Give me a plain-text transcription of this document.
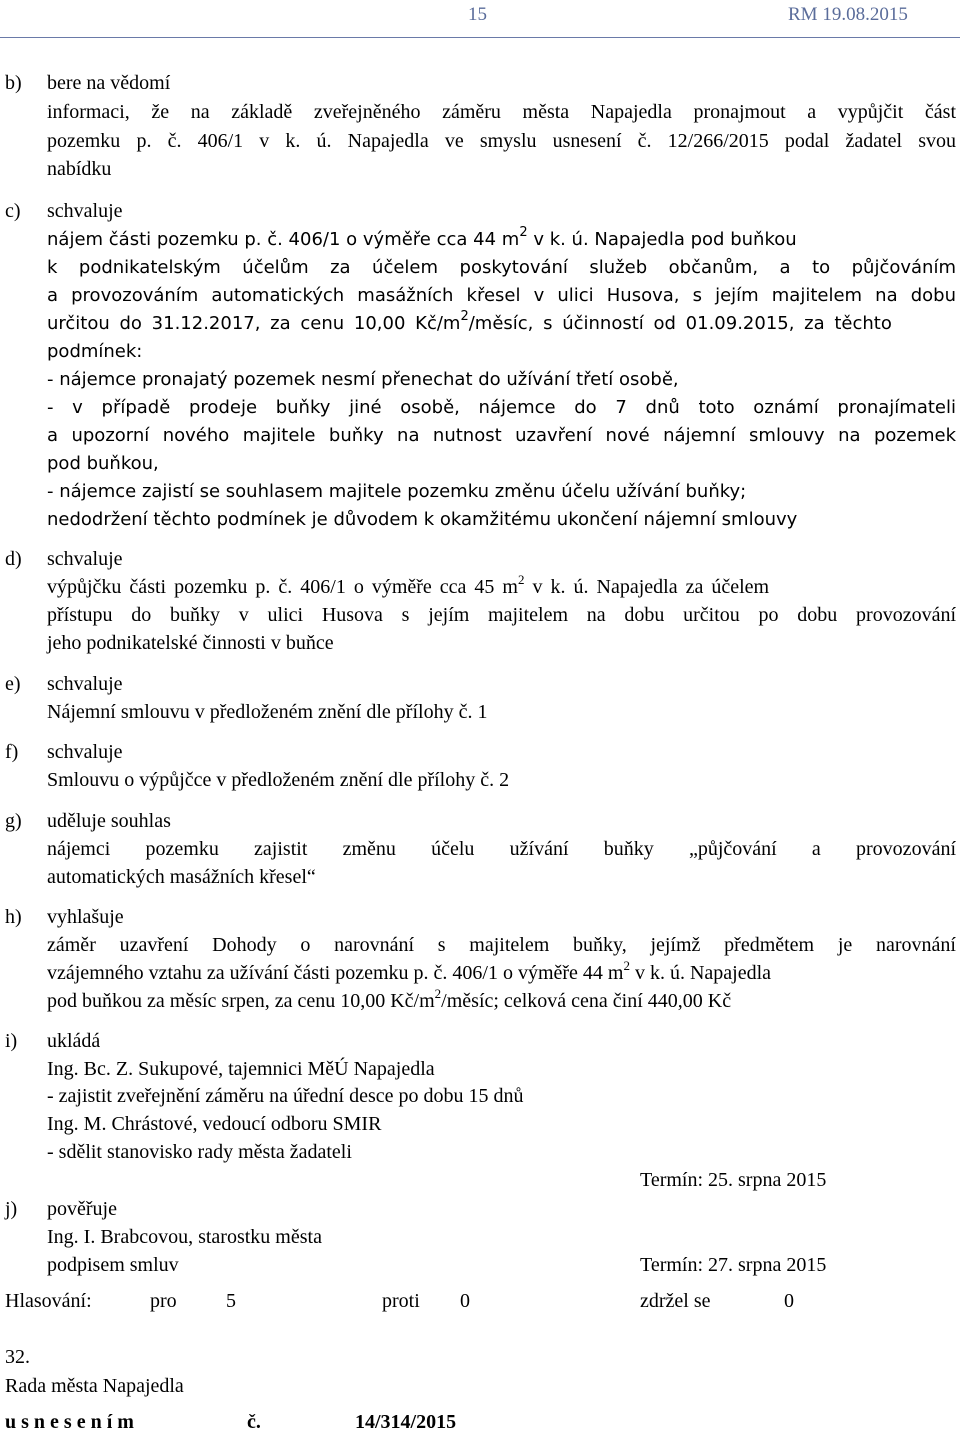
15	RM 19.08.2015
b) bere na vědomí
informaci, že na základě zveřejněného záměru města Napajedla pronajmout a vypůjčit část
pozemku p. č. 406/1 v k. ú. Napajedla ve smyslu usnesení č. 12/266/2015 podal žadatel svou
nabídku
c) schvaluje
nájem části pozemku p. č. 406/1 o výměře cca 44 $m^2$ v k. ú. Napajedla pod buňkou
k podnikatelským účelům za účelem poskytování služeb občanům, a to půjčováním
a provozováním automatických masážních křesel v ulici Husova, s jejím majitelem na dobu
určitou do 31.12.2017, za cenu 10,00 $Kč/m^2$/měsíc, s účinností od 01.09.2015, za těchto
podmínek:
- nájemce pronajatý pozemek nesmí přenechat do užívání třetí osobě,
- v případě prodeje buňky jiné osobě, nájemce do 7 dnů toto oznámí pronajímateli
a upozorní nového majitele buňky na nutnost uzavření nové nájemní smlouvy na pozemek
pod buňkou,
- nájemce zajistí se souhlasem majitele pozemku změnu účelu užívání buňky;
nedodržení těchto podmínek je důvodem k okamžitému ukončení nájemní smlouvy
d) schvaluje
výpůjčku části pozemku p. č. 406/1 o výměře cca 45 $m^2$ v k. ú. Napajedla za účelem
přístupu do buňky v ulici Husova s jejím majitelem na dobu určitou po dobu provozování
jeho podnikatelské činnosti v buňce
e) schvaluje
Nájemní smlouvu v předloženém znění dle přílohy č. 1
f) schvaluje
Smlouvu o výpůjčce v předloženém znění dle přílohy č. 2
g) uděluje souhlas
nájemci pozemku zajistit změnu účelu užívání buňky „půjčování a provozování
automatických masážních křesel“
h) vyhlašuje
záměr uzavření Dohody o narovnání s majitelem buňky, jejímž předmětem je narovnání
vzájemného vztahu za užívání části pozemku p. č. 406/1 o výměře 44 $m^2$ v k. ú. Napajedla
pod buňkou za měsíc srpen, za cenu 10,00 $Kč/m^2$/měsíc; celková cena činí 440,00 Kč
i) ukládá
Ing. Bc. Z. Sukupové, tajemnici MěÚ Napajedla
- zajistit zveřejnění záměru na úřední desce po dobu 15 dnů
Ing. M. Chrástové, vedoucí odboru SMIR
- sdělit stanovisko rady města žadateli
Termín: 25. srpna 2015
j) pověřuje
Ing. I. Brabcovou, starostku města
podpisem smluv	Termín: 27. srpna 2015
Hlasování:	pro 5	proti 0	zdržel se	0
32.
Rada města Napajedla
u s n e s e n í m	č.	14/314/2015
